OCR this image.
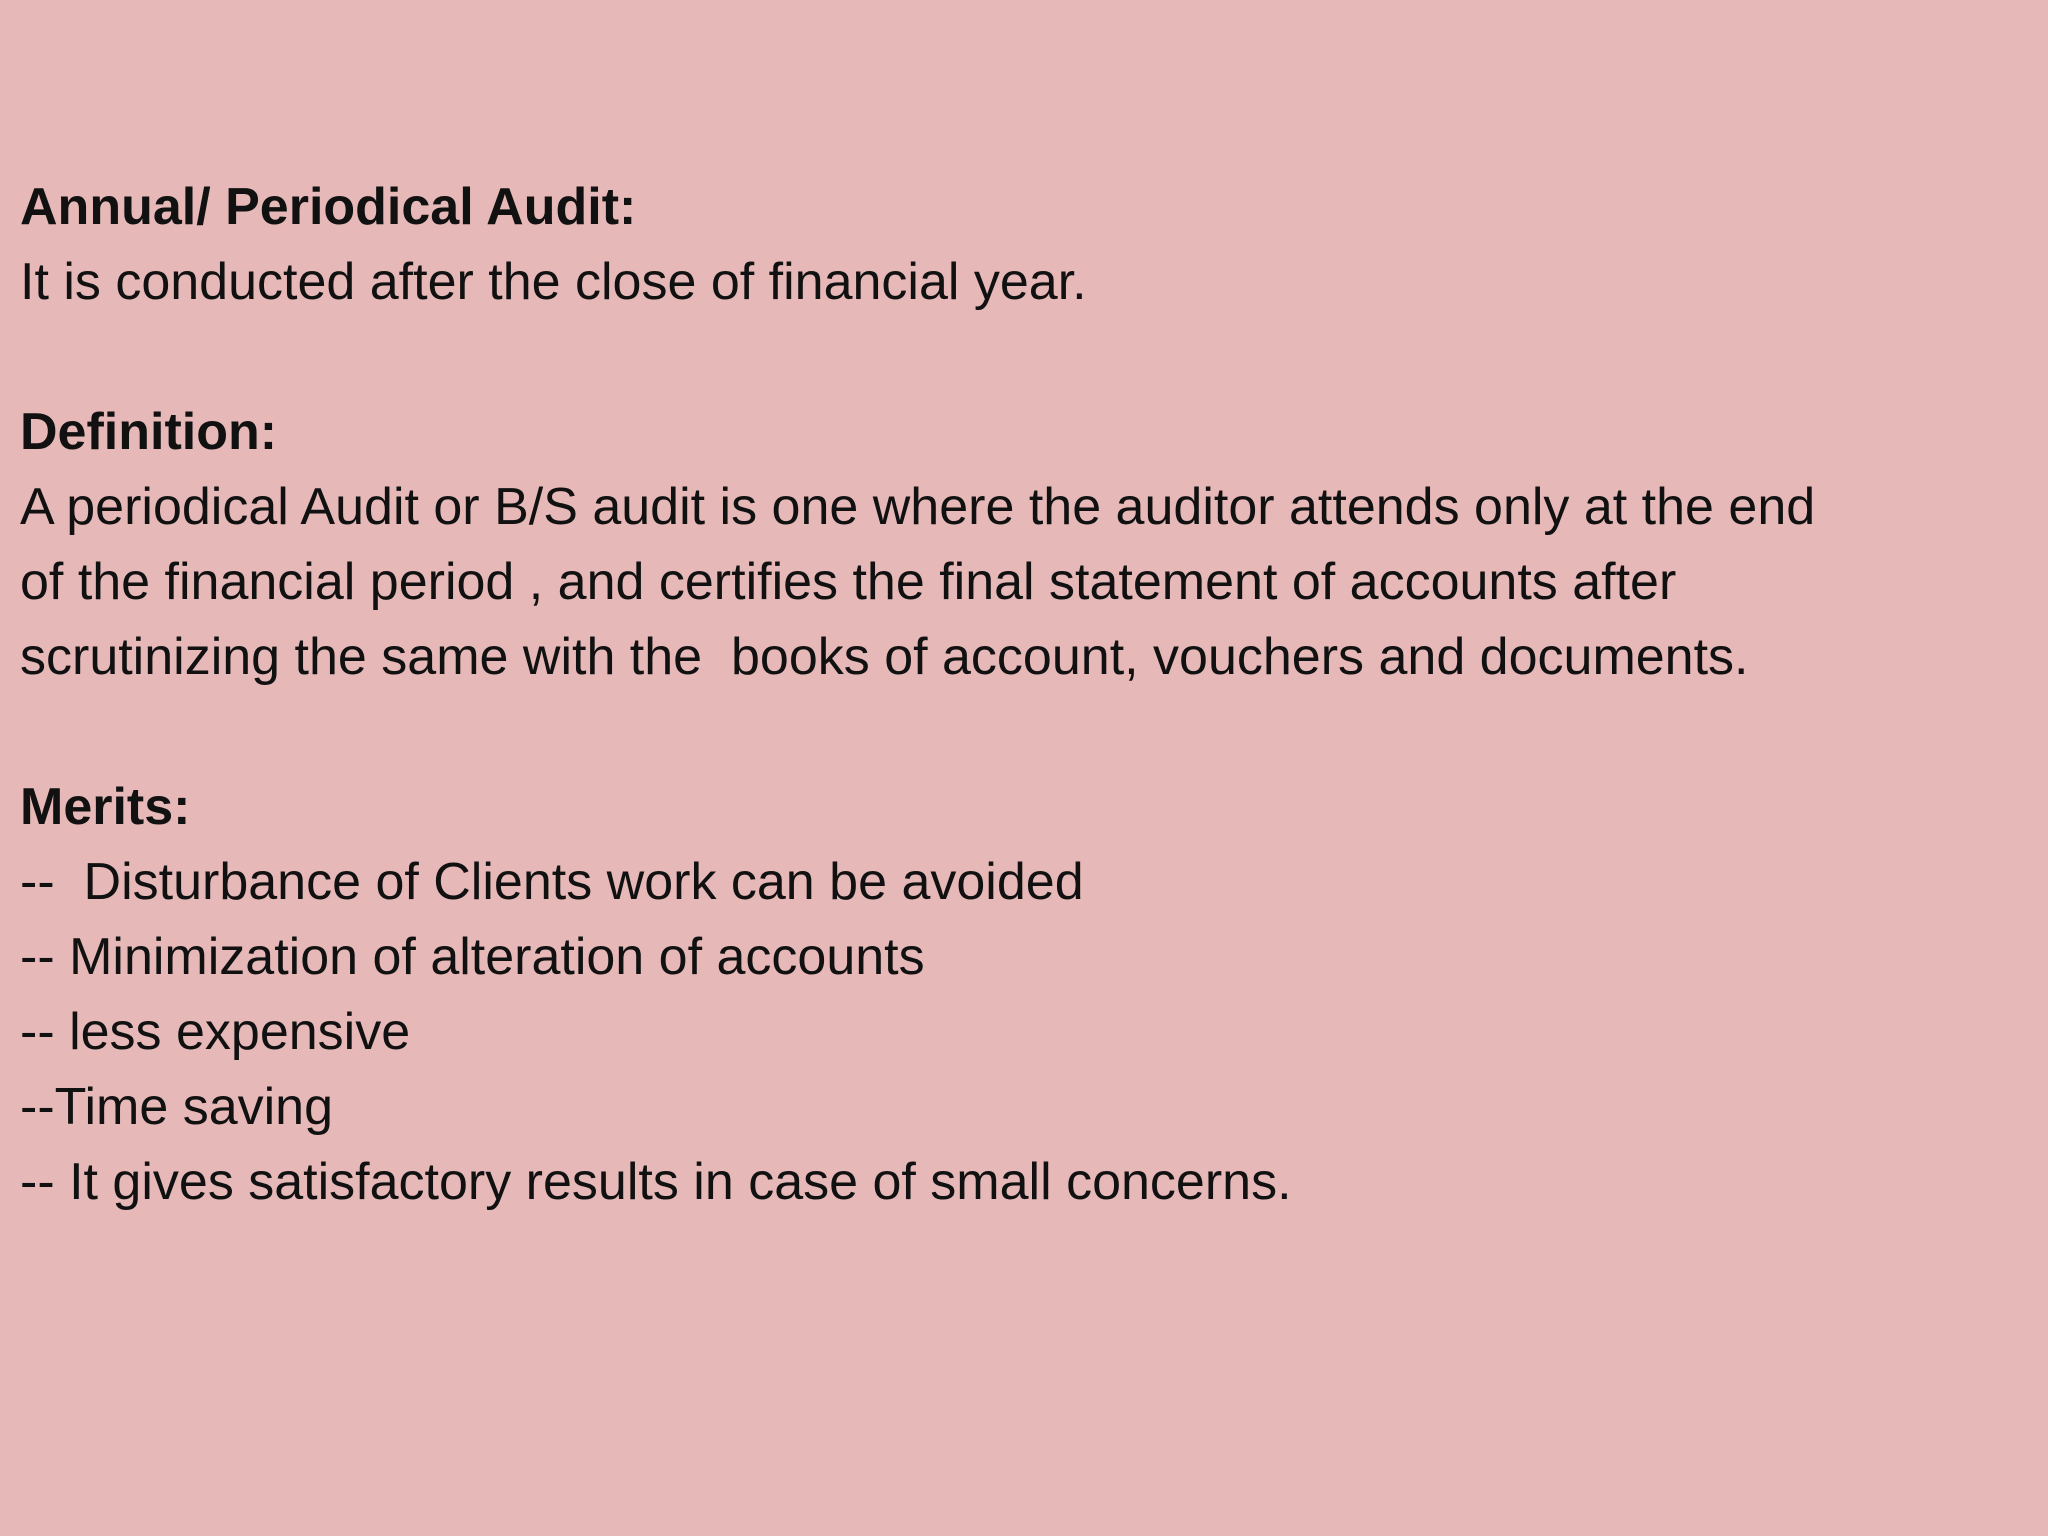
Annual/ Periodical Audit:
It is conducted after the close of financial year.
Definition:
A periodical Audit or B/S audit is one where the auditor attends only at the end
of the financial period , and certifies the final statement of accounts after
scrutinizing the same with the  books of account, vouchers and documents.
Merits:
--  Disturbance of Clients work can be avoided
-- Minimization of alteration of accounts
-- less expensive
--Time saving
-- It gives satisfactory results in case of small concerns.
